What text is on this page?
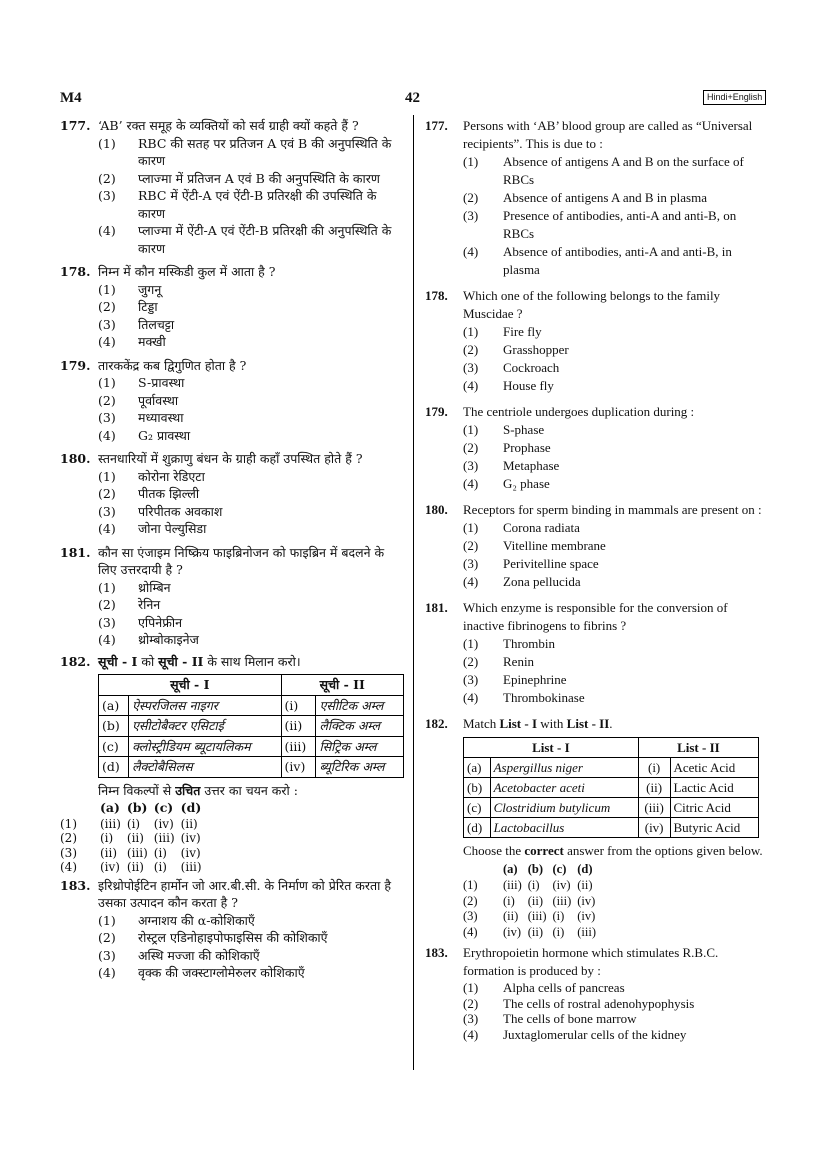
M4	42	Hindi+English
177. ‘AB’ रक्त समूह के व्यक्तियों को सर्व ग्राही क्यों कहते हैं ?
(1) RBC की सतह पर प्रतिजन A एवं B की अनुपस्थिति के कारण
(2) प्लाज्मा में प्रतिजन A एवं B की अनुपस्थिति के कारण
(3) RBC में ऐंटी-A एवं ऐंटी-B प्रतिरक्षी की उपस्थिति के कारण
(4) प्लाज्मा में ऐंटी-A एवं ऐंटी-B प्रतिरक्षी की अनुपस्थिति के कारण
178. निम्न में कौन मस्किडी कुल में आता है ?
(1) जुगनू
(2) टिड्डा
(3) तिलचट्टा
(4) मक्खी
179. तारककेंद्र कब द्विगुणित होता है ?
(1) S-प्रावस्था
(2) पूर्वावस्था
(3) मध्यावस्था
(4) G₂ प्रावस्था
180. स्तनधारियों में शुक्राणु बंधन के ग्राही कहाँ उपस्थित होते हैं ?
(1) कोरोना रेडिएटा
(2) पीतक झिल्ली
(3) परिपीतक अवकाश
(4) जोना पेल्युसिडा
181. कौन सा एंजाइम निष्क्रिय फाइब्रिनोजन को फाइब्रिन में बदलने के लिए उत्तरदायी है ?
(1) थ्रोम्बिन
(2) रेनिन
(3) एपिनेफ्रीन
(4) थ्रोम्बोकाइनेज
182. सूची - I को सूची - II के साथ मिलान करो।
सूची - I		सूची - II	
(a)	ऐस्परजिलस नाइगर	(i)	एसीटिक अम्ल
(b)	एसीटोबैक्टर एसिटाई	(ii)	लैक्टिक अम्ल
(c)	क्लोस्ट्रीडियम ब्यूटायलिकम	(iii)	सिट्रिक अम्ल
(d)	लैक्टोबैसिलस	(iv)	ब्यूटिरिक अम्ल
निम्न विकल्पों से उचित उत्तर का चयन करो :
	(a)	(b)	(c)	(d)
(1)	(iii)	(i)	(iv)	(ii)
(2)	(i)	(ii)	(iii)	(iv)
(3)	(ii)	(iii)	(i)	(iv)
(4)	(iv)	(ii)	(i)	(iii)
183. इरिथ्रोपोईटिन हार्मोन जो आर.बी.सी. के निर्माण को प्रेरित करता है उसका उत्पादन कौन करता है ?
(1) अग्नाशय की α-कोशिकाएँ
(2) रोस्ट्रल एडिनोहाइपोफाइसिस की कोशिकाएँ
(3) अस्थि मज्जा की कोशिकाएँ
(4) वृक्क की जक्स्टाग्लोमेरुलर कोशिकाएँ
177. Persons with ‘AB’ blood group are called as “Universal recipients”. This is due to :
(1) Absence of antigens A and B on the surface of RBCs
(2) Absence of antigens A and B in plasma
(3) Presence of antibodies, anti-A and anti-B, on RBCs
(4) Absence of antibodies, anti-A and anti-B, in plasma
178. Which one of the following belongs to the family Muscidae ?
(1) Fire fly
(2) Grasshopper
(3) Cockroach
(4) House fly
179. The centriole undergoes duplication during :
(1) S-phase
(2) Prophase
(3) Metaphase
(4) G₂ phase
180. Receptors for sperm binding in mammals are present on :
(1) Corona radiata
(2) Vitelline membrane
(3) Perivitelline space
(4) Zona pellucida
181. Which enzyme is responsible for the conversion of inactive fibrinogens to fibrins ?
(1) Thrombin
(2) Renin
(3) Epinephrine
(4) Thrombokinase
182. Match List - I with List - II.
List - I		List - II	
(a)	Aspergillus niger	(i)	Acetic Acid
(b)	Acetobacter aceti	(ii)	Lactic Acid
(c)	Clostridium butylicum	(iii)	Citric Acid
(d)	Lactobacillus	(iv)	Butyric Acid
Choose the correct answer from the options given below.
	(a)	(b)	(c)	(d)
(1)	(iii)	(i)	(iv)	(ii)
(2)	(i)	(ii)	(iii)	(iv)
(3)	(ii)	(iii)	(i)	(iv)
(4)	(iv)	(ii)	(i)	(iii)
183. Erythropoietin hormone which stimulates R.B.C. formation is produced by :
(1) Alpha cells of pancreas
(2) The cells of rostral adenohypophysis
(3) The cells of bone marrow
(4) Juxtaglomerular cells of the kidney
